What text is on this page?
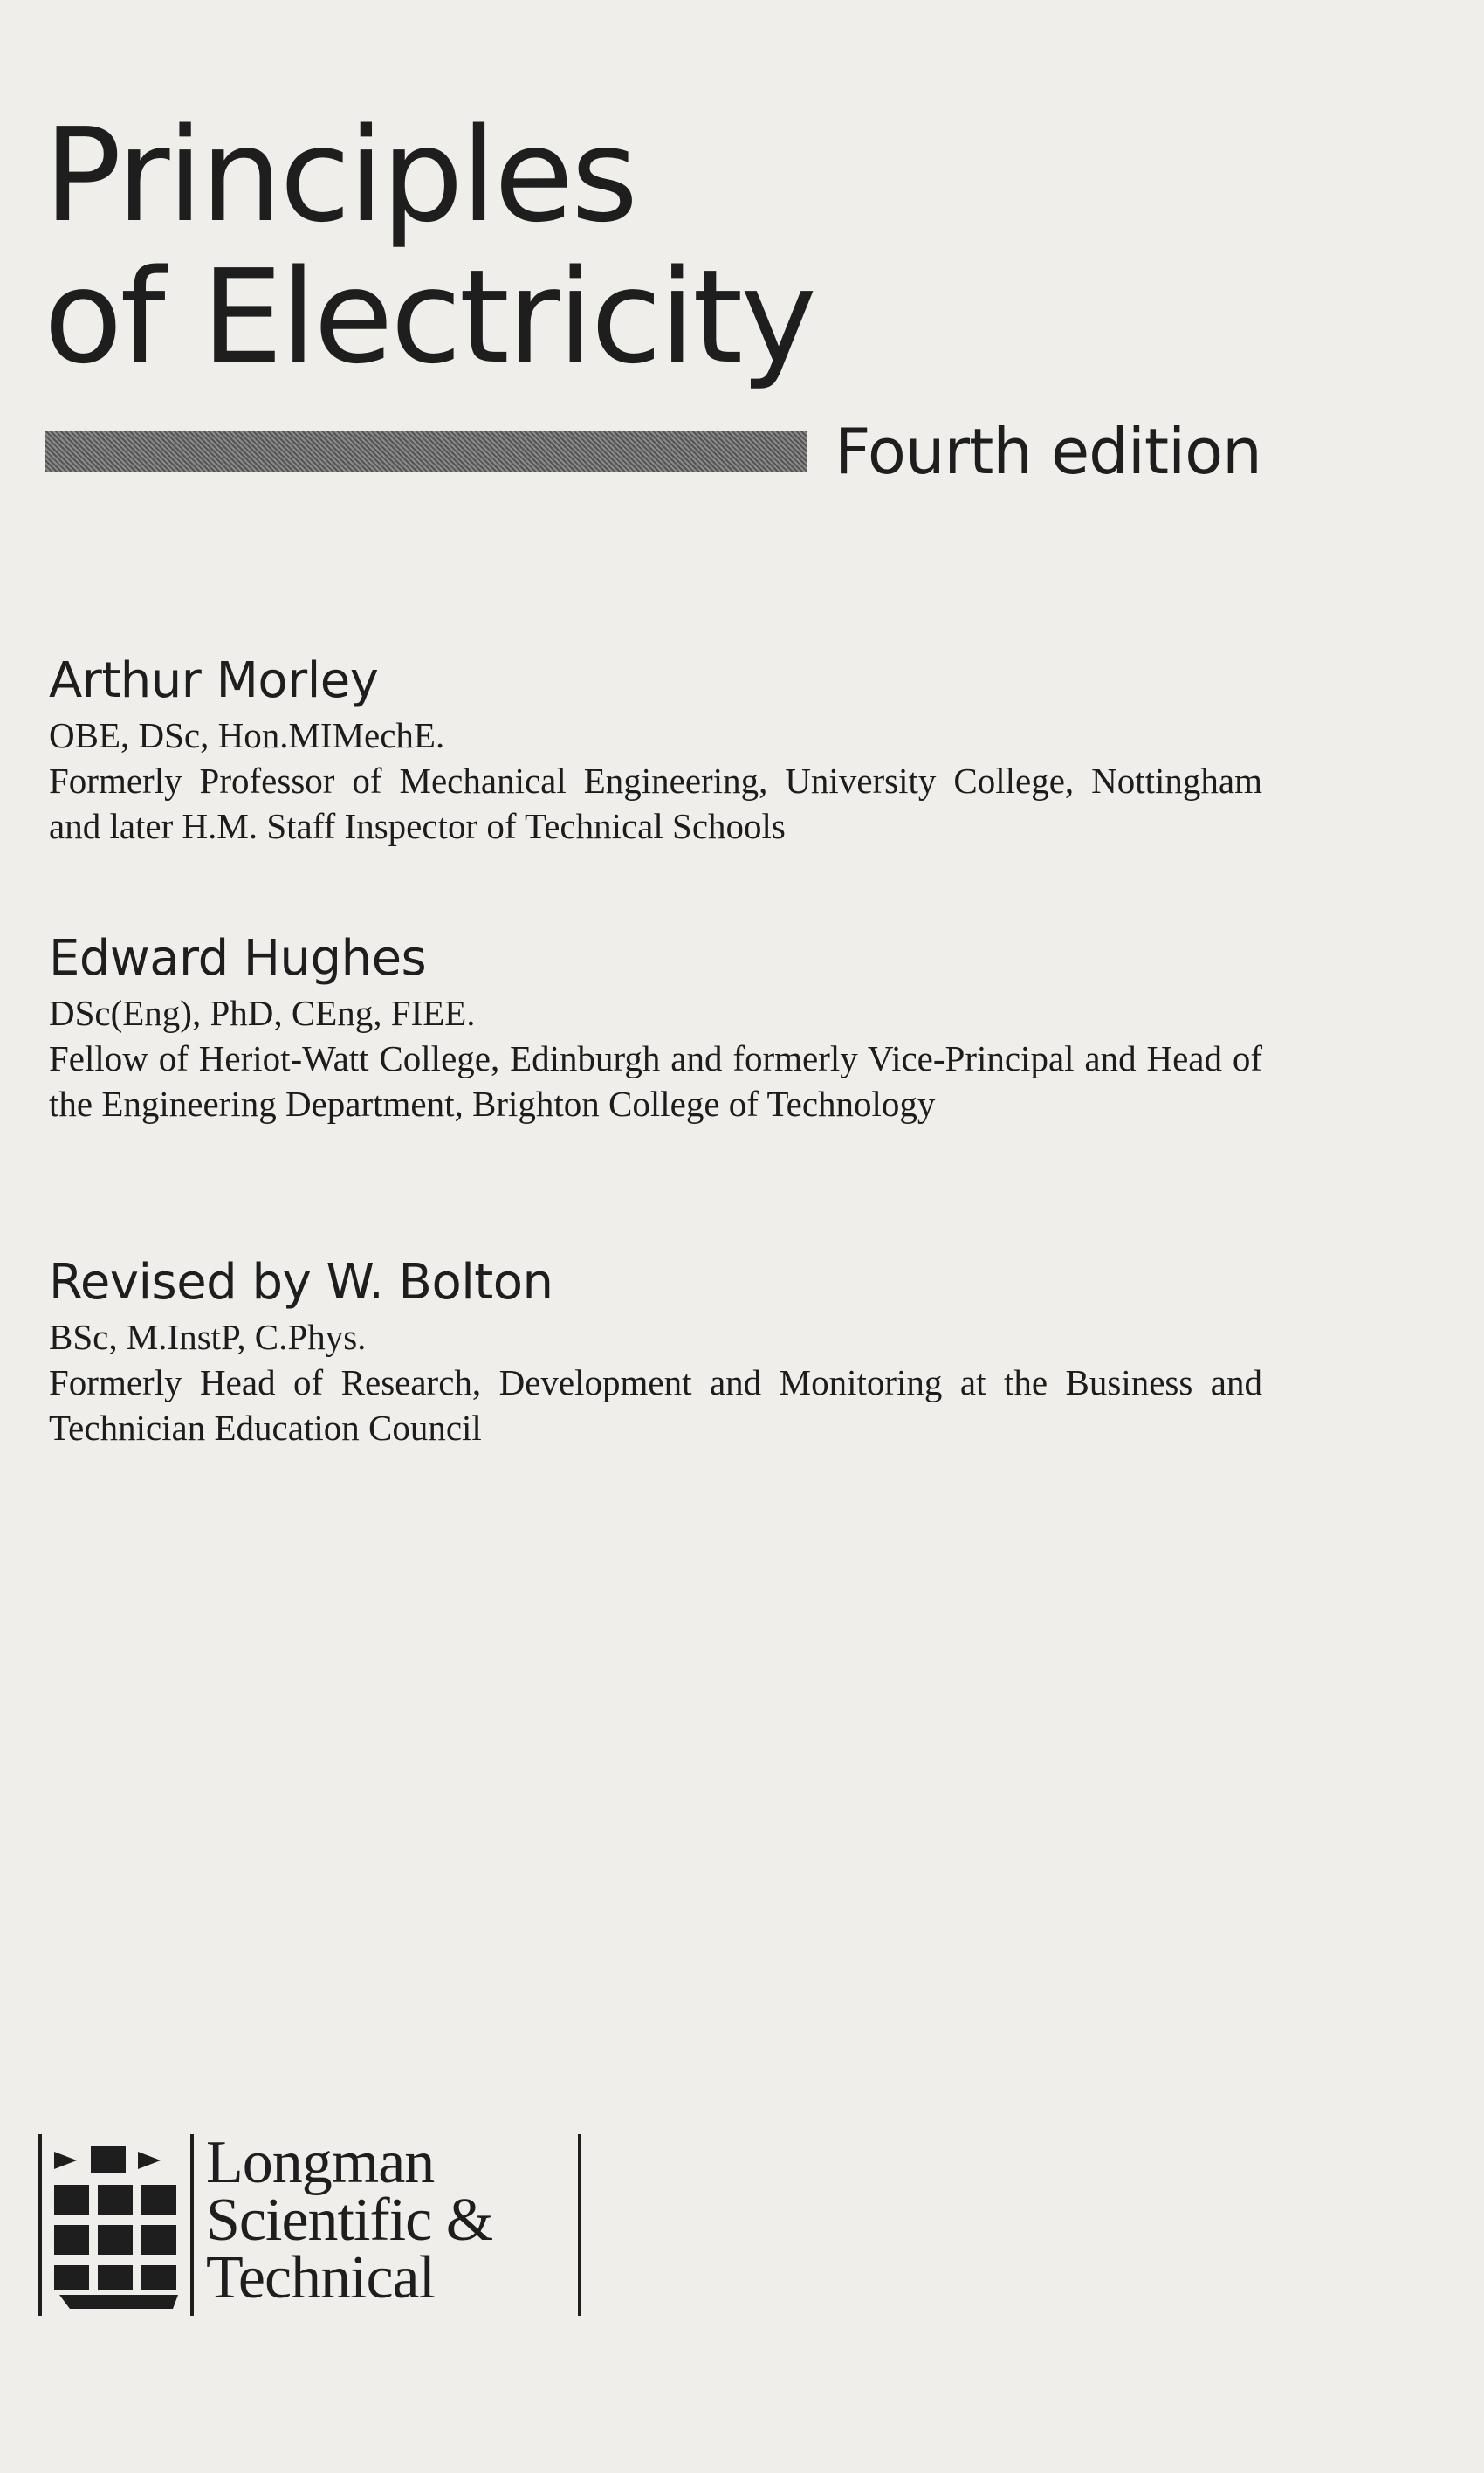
Principles
of Electricity
Fourth edition
Arthur Morley
OBE, DSc, Hon.MIMechE.
Formerly Professor of Mechanical Engineering, University College, Nottingham and later H.M. Staff Inspector of Technical Schools
Edward Hughes
DSc(Eng), PhD, CEng, FIEE.
Fellow of Heriot-Watt College, Edinburgh and formerly Vice-Principal and Head of the Engineering Department, Brighton College of Technology
Revised by W. Bolton
BSc, M.InstP, C.Phys.
Formerly Head of Research, Development and Monitoring at the Business and Technician Education Council
Longman
Scientific &
Technical
